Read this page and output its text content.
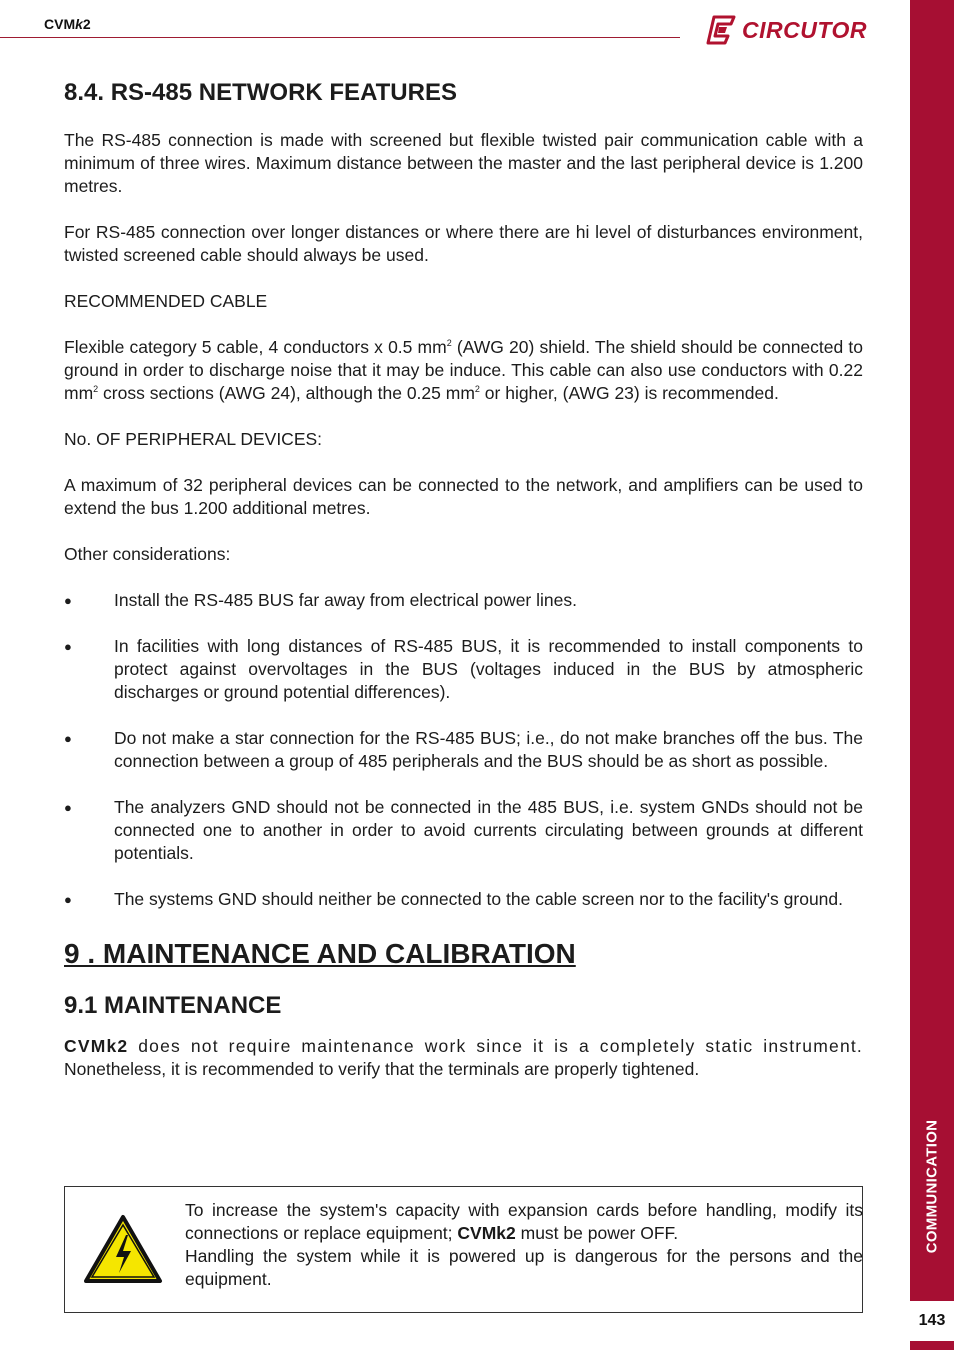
CVMk2	CIRCUTOR
COMMUNICATION
143
8.4. RS-485 NETWORK FEATURES

The RS-485 connection is made with screened but flexible twisted pair communication cable with a minimum of three wires. Maximum distance between the master and the last peripheral device is 1.200 metres.

For RS-485 connection over longer distances or where there are hi level of disturbances environment, twisted screened cable should always be used.

RECOMMENDED CABLE

Flexible category 5 cable, 4 conductors x 0.5 $mm^2$ (AWG 20) shield. The shield should be connected to ground in order to discharge noise that it may be induce. This cable can also use conductors with 0.22 $mm^2$ cross sections (AWG 24), although the 0.25 $mm^2$ or higher, (AWG 23) is recommended.

No. OF PERIPHERAL DEVICES:

A maximum of 32 peripheral devices can be connected to the network, and amplifiers can be used to extend the bus 1.200 additional metres.

Other considerations:

● Install the RS-485 BUS far away from electrical power lines.
● In facilities with long distances of RS-485 BUS, it is recommended to install components to protect against overvoltages in the BUS (voltages induced in the BUS by atmospheric discharges or ground potential differences).
● Do not make a star connection for the RS-485 BUS; i.e., do not make branches off the bus. The connection between a group of 485 peripherals and the BUS should be as short as possible.
● The analyzers GND should not be connected in the 485 BUS, i.e. system GNDs should not be connected one to another in order to avoid currents circulating between grounds at different potentials.
● The systems GND should neither be connected to the cable screen nor to the facility's ground.
9 . MAINTENANCE AND CALIBRATION
9.1 MAINTENANCE

CVMk2 does not require maintenance work since it is a completely static instrument. Nonetheless, it is recommended to verify that the terminals are properly tightened.

To increase the system's capacity with expansion cards before handling, modify its connections or replace equipment; CVMk2 must be power OFF.
Handling the system while it is powered up is dangerous for the persons and the equipment.
